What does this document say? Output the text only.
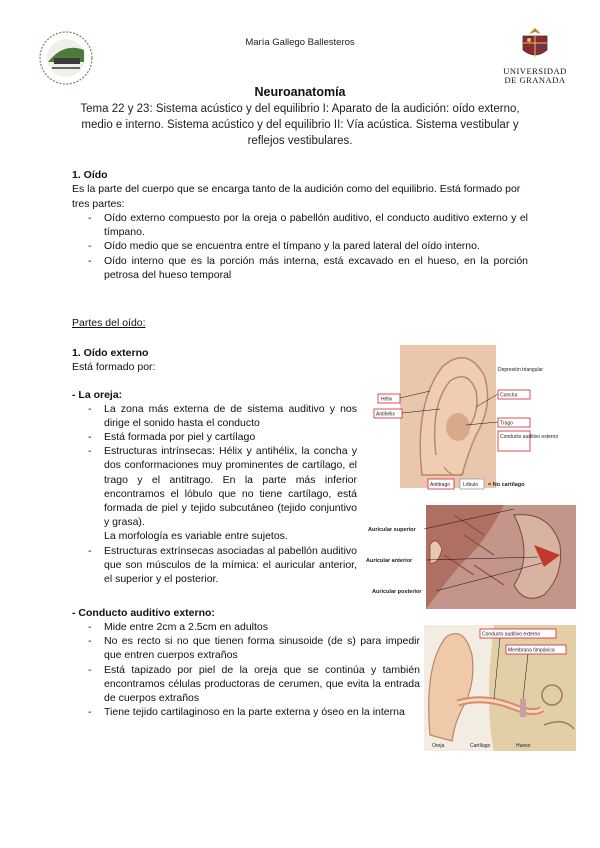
María Gallego Ballesteros
UNIVERSIDAD
DE GRANADA
Neuroanatomía
Tema 22 y 23: Sistema acústico y del equilibrio I: Aparato de la audición: oído externo, medio e interno. Sistema acústico y del equilibrio II: Vía acústica. Sistema vestibular y reflejos vestibulares.
1. Oído
Es la parte del cuerpo que se encarga tanto de la audición como del equilibrio. Está formado por tres partes:
- Oído externo compuesto por la oreja o pabellón auditivo, el conducto auditivo externo y el tímpano.
- Oído medio que se encuentra entre el tímpano y la pared lateral del oído interno.
- Oído interno que es la porción más interna, está excavado en el hueso, en la porción petrosa del hueso temporal
Partes del oído:
1. Oído externo
Está formado por:
- La oreja:
- La zona más externa de de sistema auditivo y nos dirige el sonido hasta el conducto
- Está formada por piel y cartílago
- Estructuras intrínsecas: Hélix y antihélix, la concha y dos conformaciones muy prominentes de cartílago, el trago y el antitrago. En la parte más inferior encontramos el lóbulo que no tiene cartílago, está formada de piel y tejido subcutáneo (tejido conjuntivo y grasa).
La morfología es variable entre sujetos.
- Estructuras extrínsecas asociadas al pabellón auditivo que son músculos de la mímica: el auricular anterior, el superior y el posterior.
- Conducto auditivo externo:
- Mide entre 2cm a 2.5cm en adultos
- No es recto si no que tienen forma sinusoide (de s) para impedir que entren cuerpos extraños
- Está tapizado por piel de la oreja que se continúa y también encontramos células productoras de cerumen, que evita la entrada de cuerpos extraños
- Tiene tejido cartilaginoso en la parte externa y óseo en la interna
Hélix
Antihélix
Depresión triangular
Concha
Trago
Conducto auditivo externo
Antitrago	Lóbulo = No cartílago
Auricular superior
Auricular anterior
Auricular posterior
Conducto auditivo externo
Membrana timpánica
Oreja	Cartílago	Hueso
